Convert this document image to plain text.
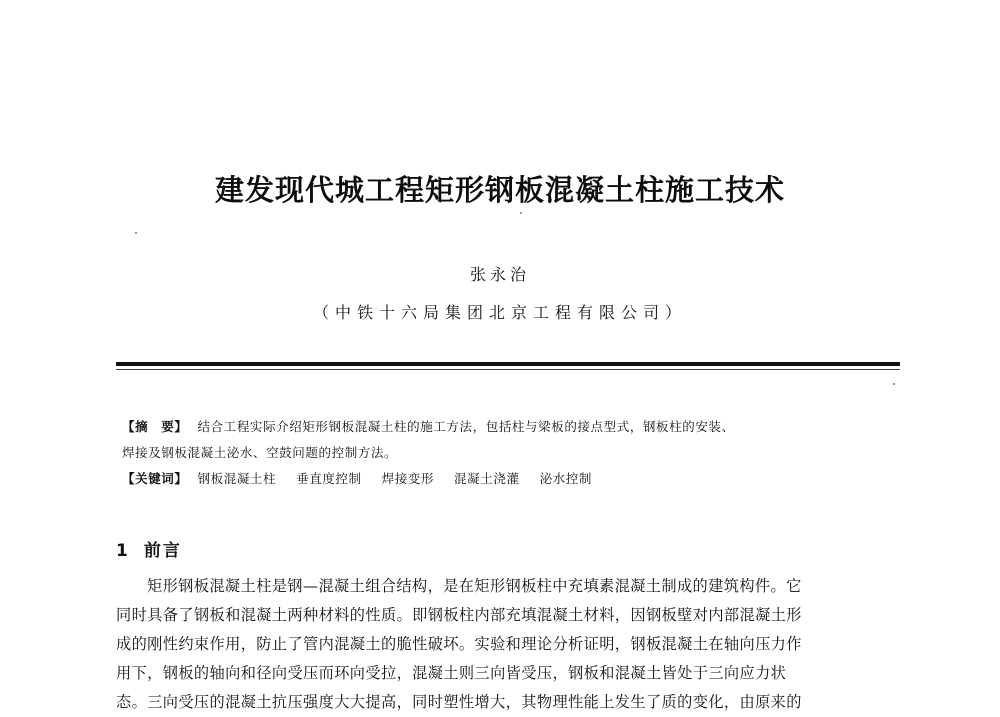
建发现代城工程矩形钢板混凝土柱施工技术
张永治
（中铁十六局集团北京工程有限公司）
【摘　要】 结合工程实际介绍矩形钢板混凝土柱的施工方法，包括柱与梁板的接点型式，钢板柱的安装、
焊接及钢板混凝土泌水、空鼓问题的控制方法。
【关键词】 钢板混凝土柱 垂直度控制 焊接变形 混凝土浇灌 泌水控制
1 前言
矩形钢板混凝土柱是钢—混凝土组合结构，是在矩形钢板柱中充填素混凝土制成的建筑构件。它
同时具备了钢板和混凝土两种材料的性质。即钢板柱内部充填混凝土材料，因钢板壁对内部混凝土形
成的刚性约束作用，防止了管内混凝土的脆性破坏。实验和理论分析证明，钢板混凝土在轴向压力作
用下，钢板的轴向和径向受压而环向受拉，混凝土则三向皆受压，钢板和混凝土皆处于三向应力状
态。三向受压的混凝土抗压强度大大提高，同时塑性增大，其物理性能上发生了质的变化，由原来的
